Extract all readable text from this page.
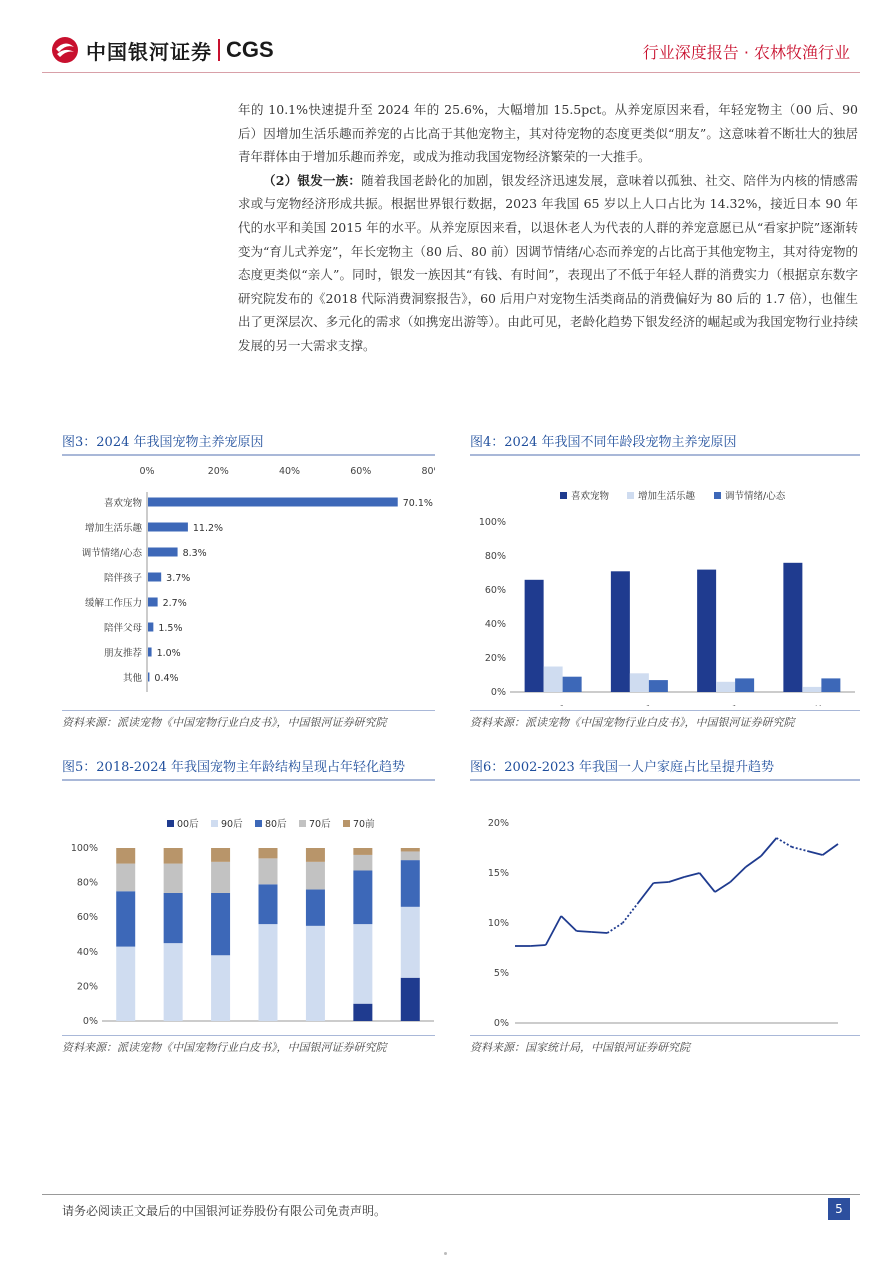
中国银河证券 CGS	行业深度报告 · 农林牧渔行业

年的 10.1%快速提升至 2024 年的 25.6%，大幅增加 15.5pct。从养宠原因来看，年轻宠物主（00 后、90 后）因增加生活乐趣而养宠的占比高于其他宠物主，其对待宠物的态度更类似“朋友”。这意味着不断壮大的独居青年群体由于增加乐趣而养宠，或成为推动我国宠物经济繁荣的一大推手。

（2）银发一族：随着我国老龄化的加剧，银发经济迅速发展，意味着以孤独、社交、陪伴为内核的情感需求或与宠物经济形成共振。根据世界银行数据，2023 年我国 65 岁以上人口占比为 14.32%，接近日本 90 年代的水平和美国 2015 年的水平。从养宠原因来看，以退休老人为代表的人群的养宠意愿已从“看家护院”逐渐转变为“育儿式养宠”，年长宠物主（80 后、80 前）因调节情绪/心态而养宠的占比高于其他宠物主，其对待宠物的态度更类似“亲人”。同时，银发一族因其“有钱、有时间”，表现出了不低于年轻人群的消费实力（根据京东数字研究院发布的《2018 代际消费洞察报告》，60 后用户对宠物生活类商品的消费偏好为 80 后的 1.7 倍），也催生出了更深层次、多元化的需求（如携宠出游等）。由此可见，老龄化趋势下银发经济的崛起或为我国宠物行业持续发展的另一大需求支撑。

图3：2024 年我国宠物主养宠原因
0%	20%	40%	60%	80
喜欢宠物	70.1%
增加生活乐趣	11.2%
调节情绪/心态	8.3%
陪伴孩子	3.7%
缓解工作压力 2.7%
陪伴父母 1.5%
朋友推荐 1.0%
其他 0.4%
资料来源：派读宠物《中国宠物行业白皮书》，中国银河证券研究院
图4：2024 年我国不同年龄段宠物主养宠原因
喜欢宠物	增加生活乐趣	调节情绪/心态
0%
20%
40%
60%
80%
100%
资料来源：派读宠物《中国宠物行业白皮书》，中国银河证券研究院
图5：2018-2024 年我国宠物主年龄结构呈现占年轻化趋势
00后 90后 80后 70后 70前
0%
20%
40%
60%
80%
100%
资料来源：派读宠物《中国宠物行业白皮书》，中国银河证券研究院
图6：2002-2023 年我国一人户家庭占比呈提升趋势
0%
5%
10%
15%
20%
资料来源：国家统计局，中国银河证券研究院
请务必阅读正文最后的中国银河证券股份有限公司免责声明。	5
